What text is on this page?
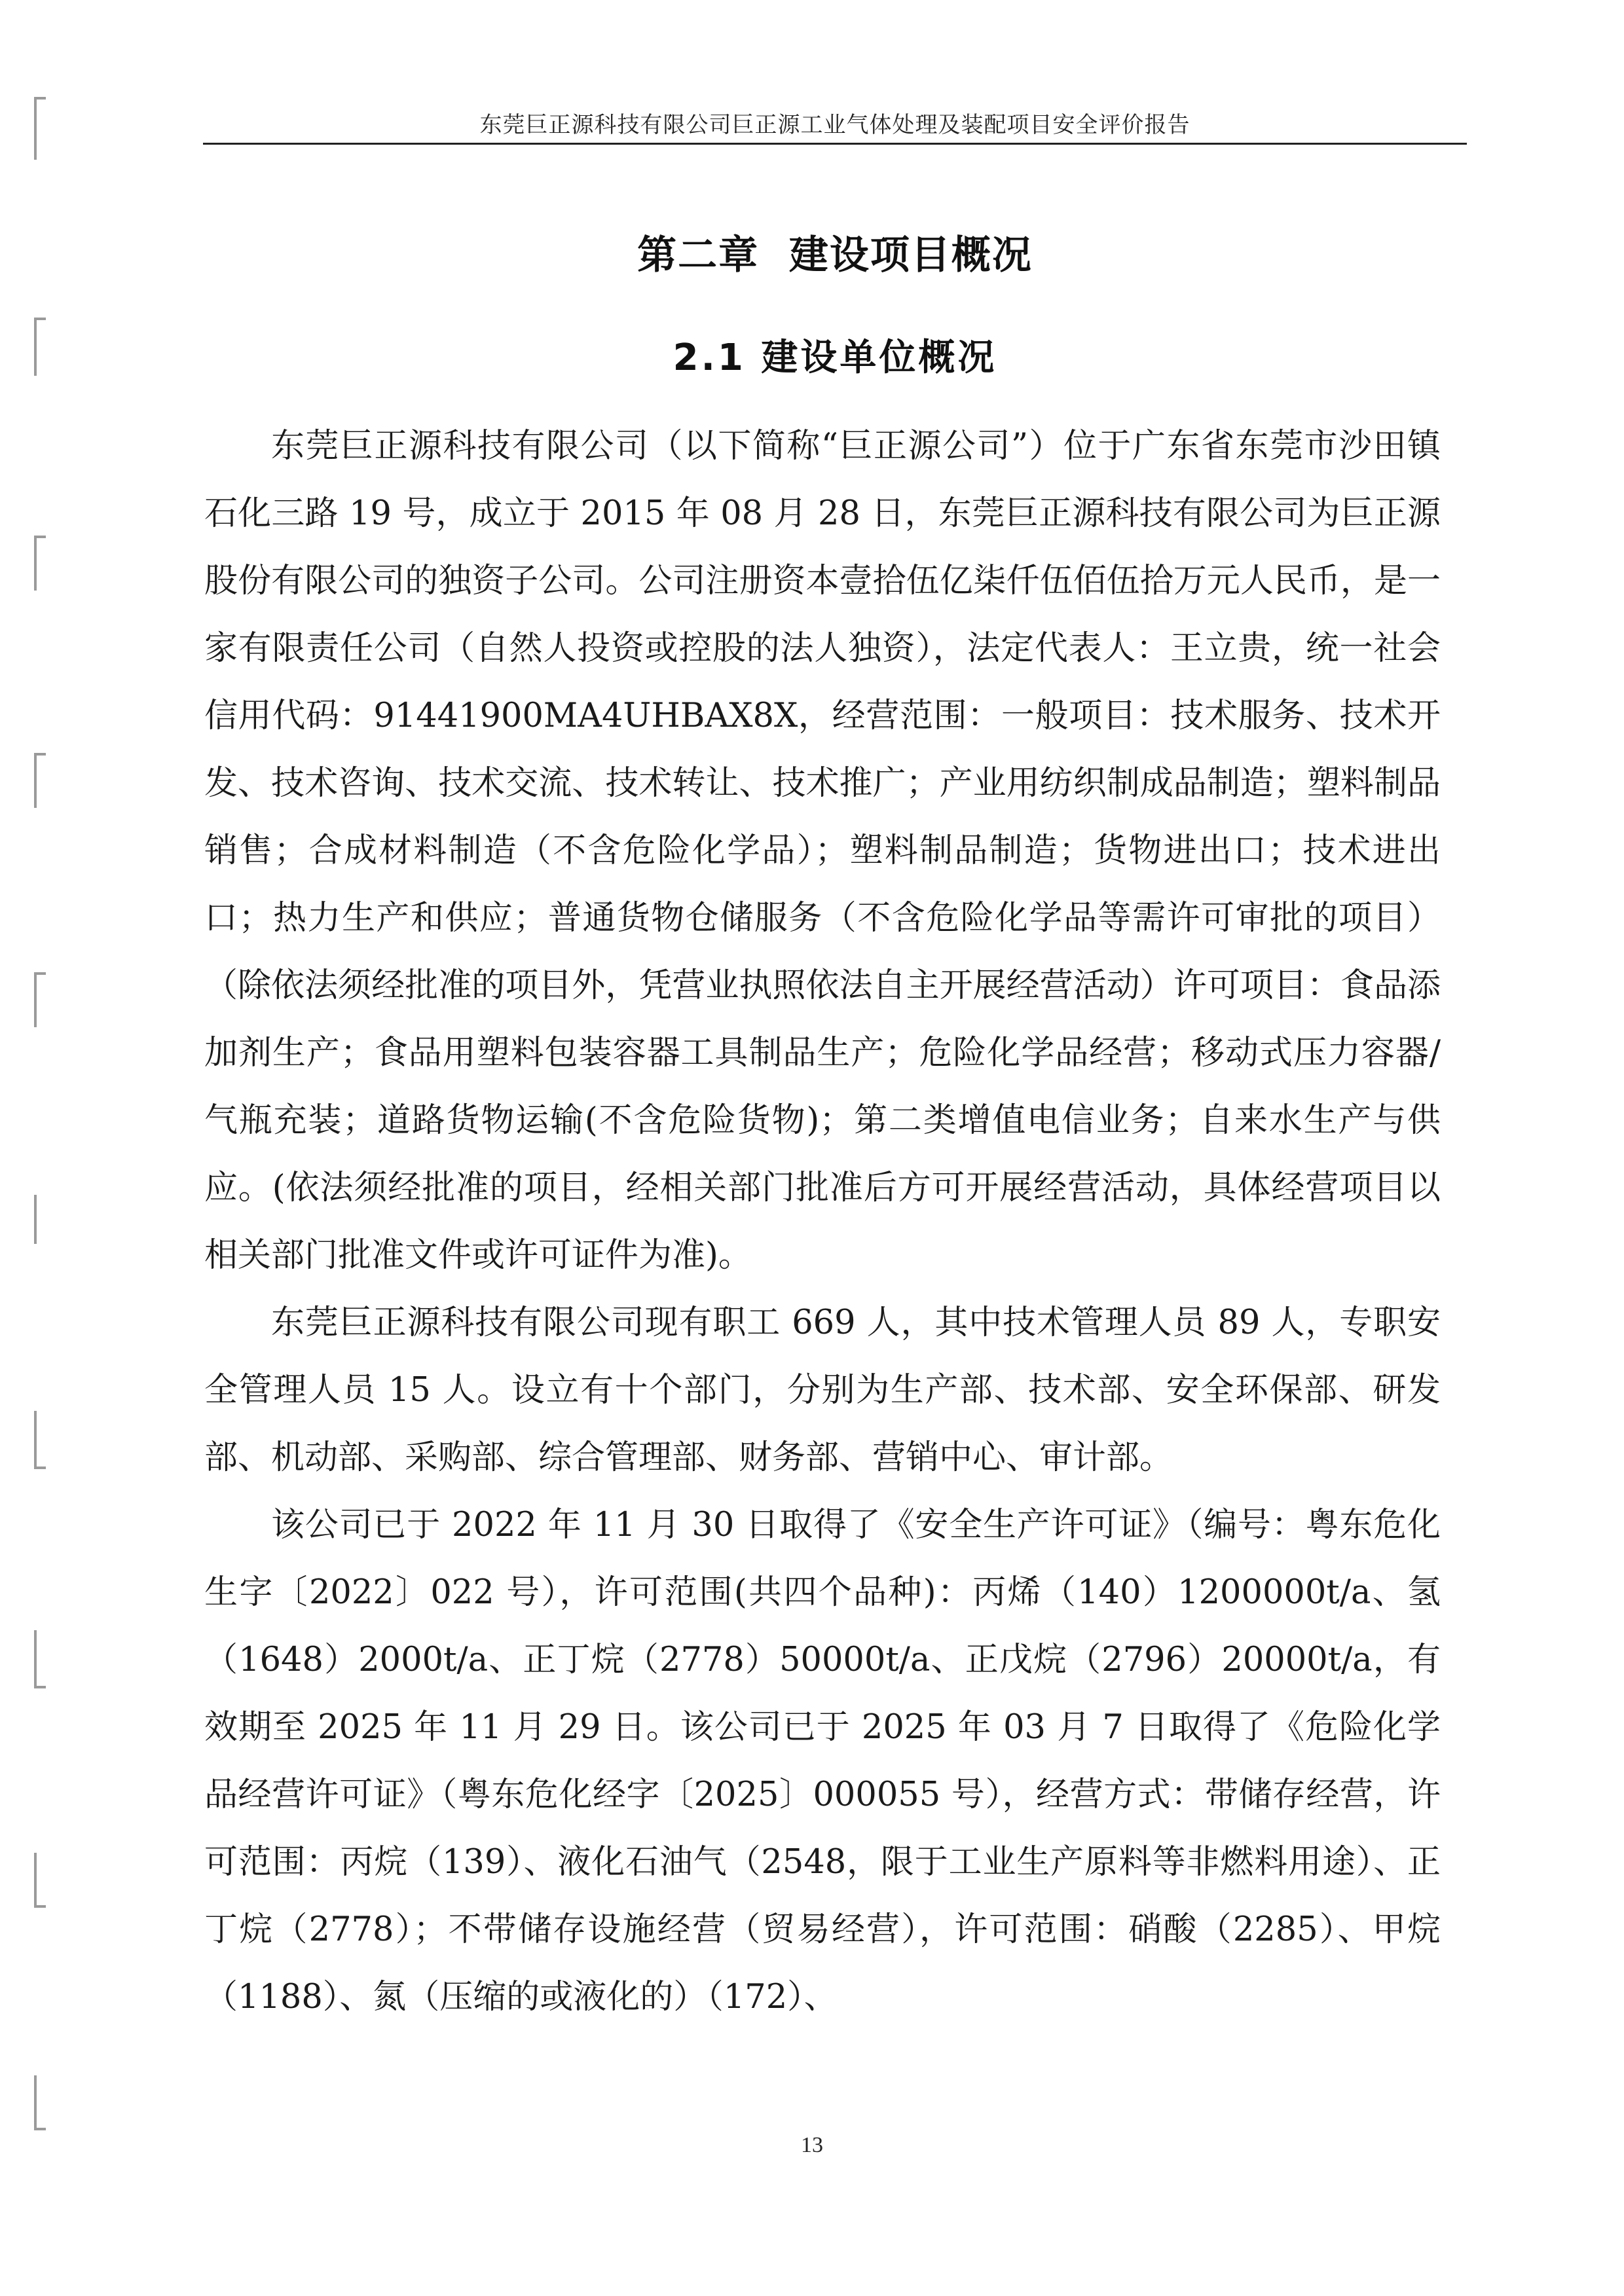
东莞巨正源科技有限公司巨正源工业气体处理及装配项目安全评价报告
第二章  建设项目概况
2.1 建设单位概况

东莞巨正源科技有限公司（以下简称“巨正源公司”）位于广东省东莞市沙田镇石化三路 19 号，成立于 2015 年 08 月 28 日，东莞巨正源科技有限公司为巨正源股份有限公司的独资子公司。公司注册资本壹拾伍亿柒仟伍佰伍拾万元人民币，是一家有限责任公司（自然人投资或控股的法人独资），法定代表人：王立贵，统一社会信用代码：91441900MA4UHBAX8X，经营范围：一般项目：技术服务、技术开发、技术咨询、技术交流、技术转让、技术推广；产业用纺织制成品制造；塑料制品销售；合成材料制造（不含危险化学品）；塑料制品制造；货物进出口；技术进出口；热力生产和供应；普通货物仓储服务（不含危险化学品等需许可审批的项目）（除依法须经批准的项目外，凭营业执照依法自主开展经营活动）许可项目：食品添加剂生产；食品用塑料包装容器工具制品生产；危险化学品经营；移动式压力容器/气瓶充装；道路货物运输(不含危险货物)；第二类增值电信业务；自来水生产与供应。(依法须经批准的项目，经相关部门批准后方可开展经营活动，具体经营项目以相关部门批准文件或许可证件为准)。

东莞巨正源科技有限公司现有职工 669 人，其中技术管理人员 89 人，专职安全管理人员 15 人。设立有十个部门，分别为生产部、技术部、安全环保部、研发部、机动部、采购部、综合管理部、财务部、营销中心、审计部。

该公司已于 2022 年 11 月 30 日取得了《安全生产许可证》（编号：粤东危化生字〔2022〕022 号），许可范围(共四个品种)：丙烯（140）1200000t/a、氢（1648）2000t/a、正丁烷（2778）50000t/a、正戊烷（2796）20000t/a，有效期至 2025 年 11 月 29 日。该公司已于 2025 年 03 月 7 日取得了《危险化学品经营许可证》（粤东危化经字〔2025〕000055 号），经营方式：带储存经营，许可范围：丙烷（139）、液化石油气（2548，限于工业生产原料等非燃料用途）、正丁烷（2778）；不带储存设施经营（贸易经营），许可范围：硝酸（2285）、甲烷（1188）、氮（压缩的或液化的）（172）、

13
